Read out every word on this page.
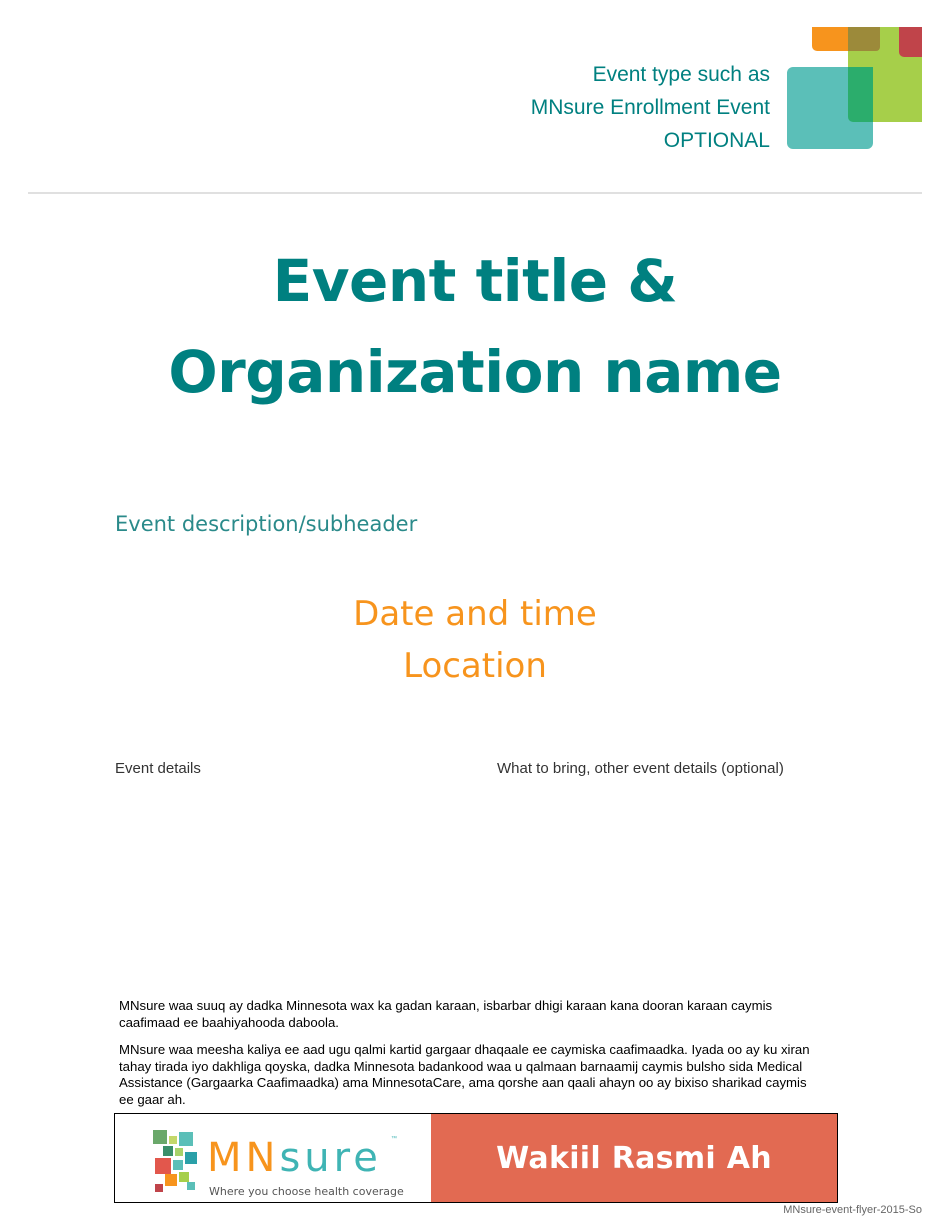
Event type such as
MNsure Enrollment Event
OPTIONAL
Event title &
Organization name
Event description/subheader
Date and time
Location
Event details	What to bring, other event details (optional)
MNsure waa suuq ay dadka Minnesota wax ka gadan karaan, isbarbar dhigi karaan kana dooran karaan caymis caafimaad ee baahiyahooda daboola.
MNsure waa meesha kaliya ee aad ugu qalmi kartid gargaar dhaqaale ee caymiska caafimaadka. Iyada oo ay ku xiran tahay tirada iyo dakhliga qoyska, dadka Minnesota badankood waa u qalmaan barnaamij caymis bulsho sida Medical Assistance (Gargaarka Caafimaadka) ama MinnesotaCare, ama qorshe aan qaali ahayn oo ay bixiso sharikad caymis ee gaar ah.
MNsure ™
Where you choose health coverage
Wakiil Rasmi Ah
MNsure-event-flyer-2015-So
